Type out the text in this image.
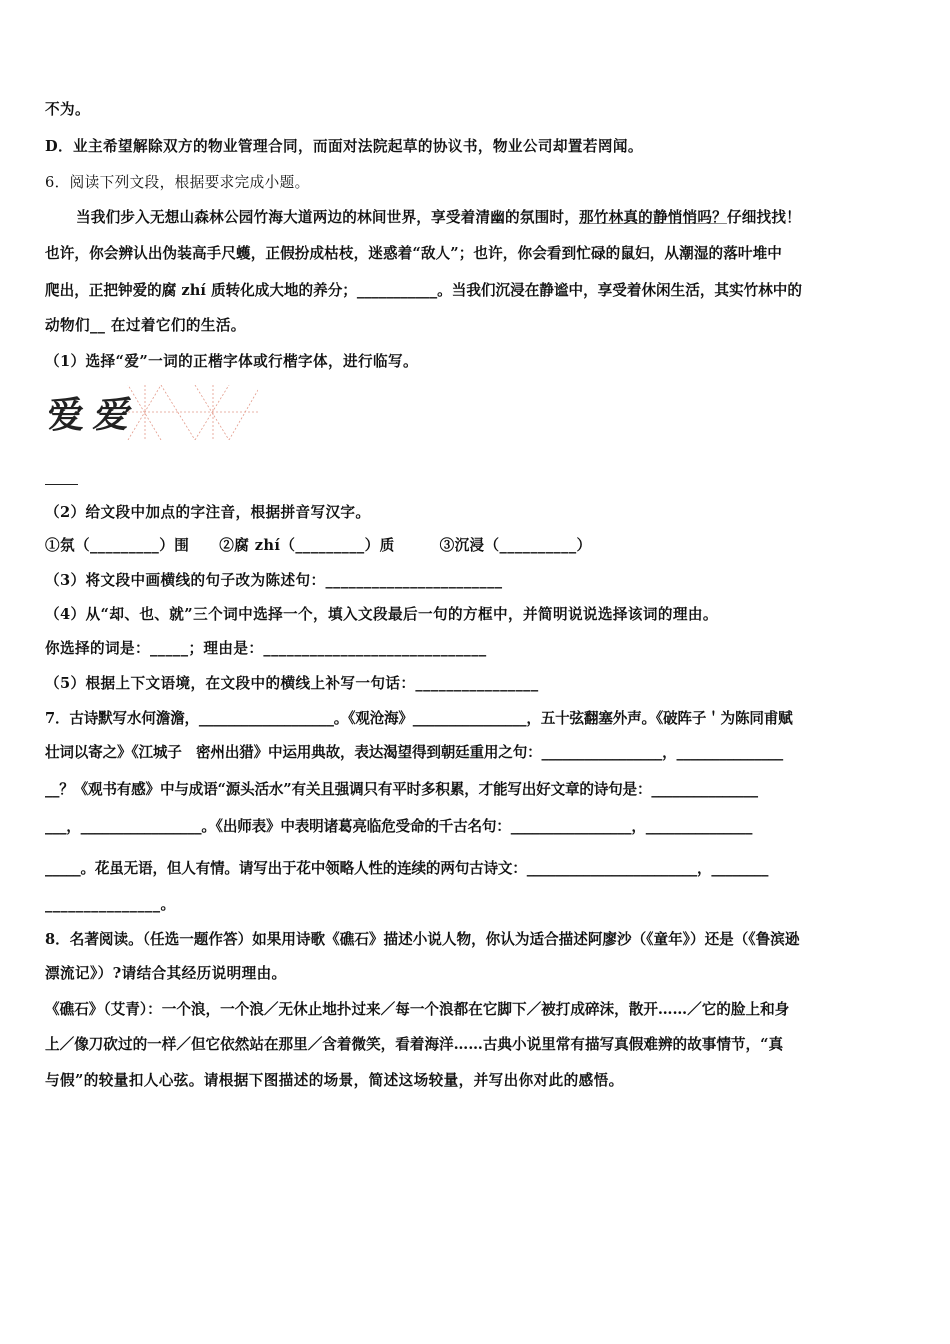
不为。
D．业主希望解除双方的物业管理合同，而面对法院起草的协议书，物业公司却置若罔闻。
6．阅读下列文段，根据要求完成小题。
当我们步入无想山森林公园竹海大道两边的林间世界，享受着清幽的氛围时，那竹林真的静悄悄吗？仔细找找！
也许，你会辨认出伪装高手尺蠖，正假扮成枯枝，迷惑着“敌人”；也许，你会看到忙碌的鼠妇，从潮湿的落叶堆中
爬出，正把钟爱的腐 zhí 质转化成大地的养分；___________。当我们沉浸在静谧中，享受着休闲生活，其实竹林中的
动物们__ 在过着它们的生活。
（1）选择“爱”一词的正楷字体或行楷字体，进行临写。
爱 爱
（2）给文段中加点的字注音，根据拼音写汉字。
①氛（_________）围　　②腐 zhí（_________）质　　　③沉浸（__________）
（3）将文段中画横线的句子改为陈述句：_______________________
（4）从“却、也、就”三个词中选择一个，填入文段最后一句的方框中，并简明说说选择该词的理由。
你选择的词是：_____；理由是：_____________________________
（5）根据上下文语境，在文段中的横线上补写一句话：________________
7．古诗默写水何澹澹，___________________。《观沧海》________________，五十弦翻塞外声。《破阵子＇为陈同甫赋
壮词以寄之》《江城子　密州出猎》中运用典故，表达渴望得到朝廷重用之句：_________________，_______________
__？《观书有感》中与成语“源头活水”有关且强调只有平时多积累，才能写出好文章的诗句是：_______________
___，_________________。《出师表》中表明诸葛亮临危受命的千古名句：_________________，_______________
_____。花虽无语，但人有情。请写出于花中领略人性的连续的两句古诗文：________________________，________
_______________。
8．名著阅读。（任选一题作答）如果用诗歌《礁石》描述小说人物，你认为适合描述阿廖沙（《童年》）还是（《鲁滨逊
漂流记》）?请结合其经历说明理由。
《礁石》（艾青）：一个浪，一个浪／无休止地扑过来／每一个浪都在它脚下／被打成碎沫，散开……／它的脸上和身
上／像刀砍过的一样／但它依然站在那里／含着微笑，看着海洋……古典小说里常有描写真假难辨的故事情节，“真
与假”的较量扣人心弦。请根据下图描述的场景，简述这场较量，并写出你对此的感悟。
